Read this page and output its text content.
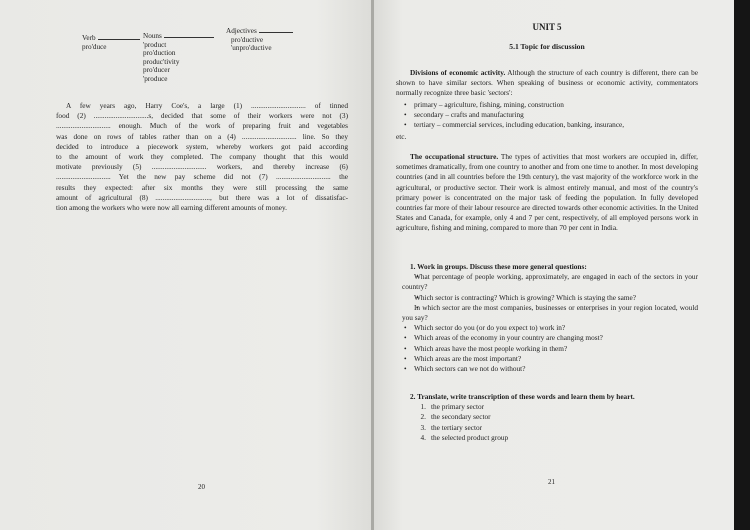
Verb
pro'duce
Nouns
'product
pro'duction
produc'tivity
pro'ducer
'produce
Adjectives
pro'ductive
'unpro'ductive
A few years ago, Harry Coe's, a large (1) .............................. of tinned
food (2) ..............................s, decided that some of their workers were not (3)
.............................. enough. Much of the work of preparing fruit and vegetables
was done on rows of tables rather than on a (4) .............................. line. So they
decided to introduce a piecework system, whereby workers got paid according
to the amount of work they completed. The company thought that this would
motivate previously (5) .............................. workers, and thereby increase (6)
.............................. Yet the new pay scheme did not (7) .............................. the
results they expected: after six months they were still processing the same
amount of agricultural (8) .............................., but there was a lot of dissatisfac-
tion among the workers who were now all earning different amounts of money.
20
UNIT 5
5.1 Topic for discussion

Divisions of economic activity. Although the structure of each country is different, there can be shown to have similar sectors. When speaking of business or economic activity, commentators normally recognize three basic 'sectors':

• primary – agriculture, fishing, mining, construction
• secondary – crafts and manufacturing
• tertiary – commercial services, including education, banking, insurance,

etc.

The occupational structure. The types of activities that most workers are occupied in, differ, sometimes dramatically, from one country to another and from one time to another. In most developing countries (and in all countries before the 19th century), the vast majority of the workforce work in the agricultural, or productive sector. Their work is almost entirely manual, and most of the country's primary power is concentrated on the major task of feeding the population. In fully developed countries far more of their labour resource are directed towards other economic activities. In the United States and Canada, for example, only 4 and 7 per cent, respectively, of all employed persons work in agriculture, fishing and mining, compared to more than 70 per cent in India.

1. Work in groups. Discuss these more general questions:

• What percentage of people working, approximately, are engaged in each of the sectors in your country?
• Which sector is contracting? Which is growing? Which is staying the same?
• In which sector are the most companies, businesses or enterprises in your region located, would you say?
• Which sector do you (or do you expect to) work in?
• Which areas of the economy in your country are changing most?
• Which areas have the most people working in them?
• Which areas are the most important?
• Which sectors can we not do without?

2. Translate, write transcription of these words and learn them by heart.

1. the primary sector
2. the secondary sector
3. the tertiary sector
4. the selected product group
21
